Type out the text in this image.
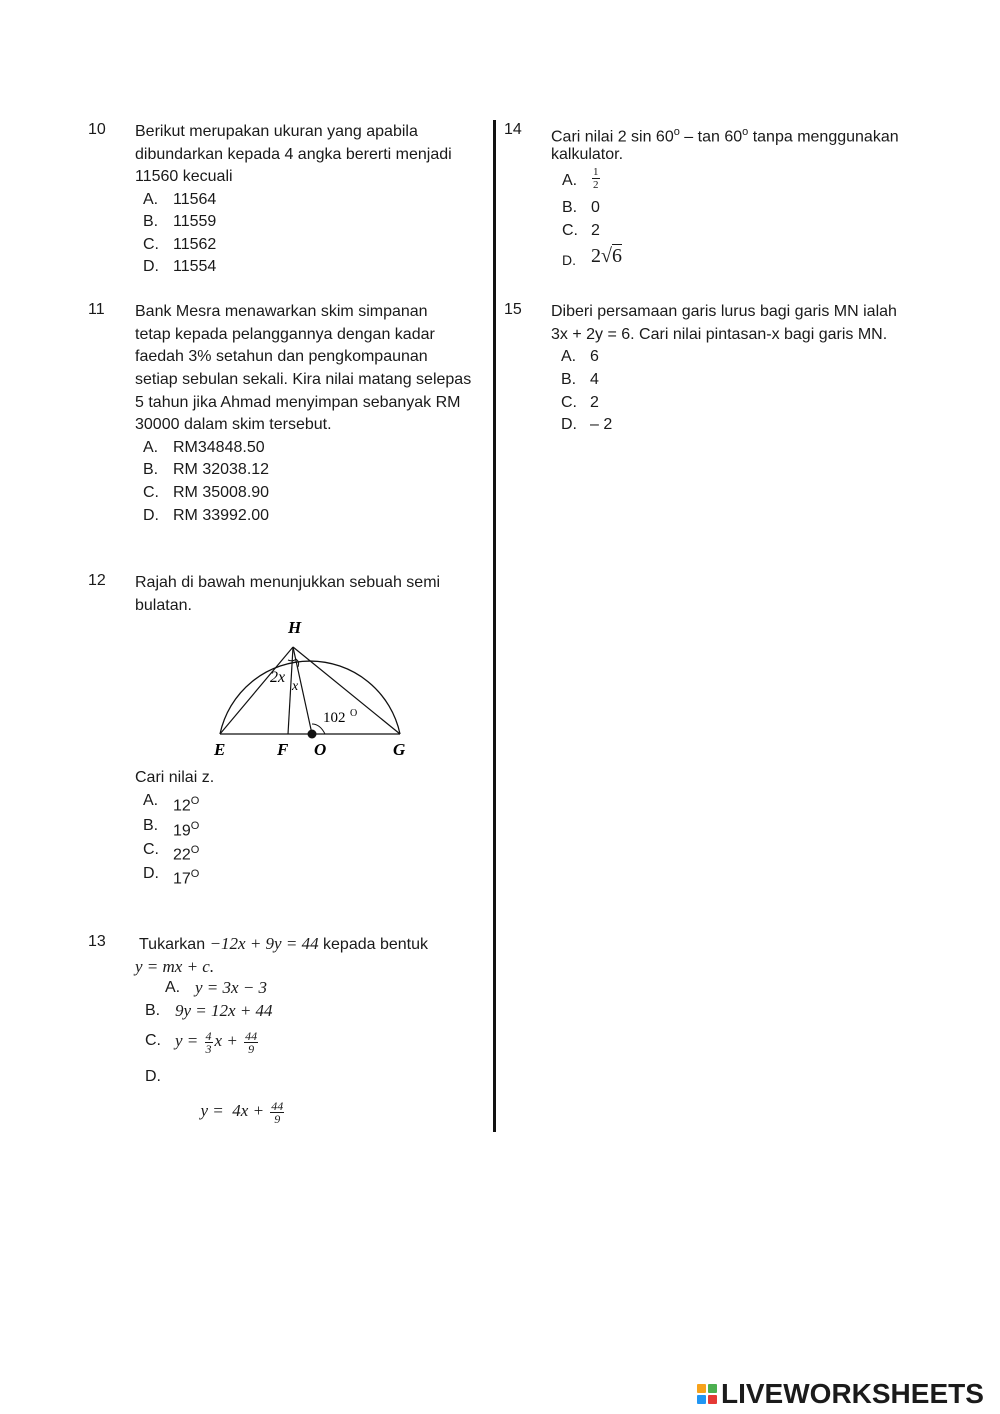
10 Berikut merupakan ukuran yang apabila
dibundarkan kepada 4 angka bererti menjadi
11560 kecuali
A. 11564
B. 11559
C. 11562
D. 11554
11 Bank Mesra menawarkan skim simpanan
tetap kepada pelanggannya dengan kadar
faedah 3% setahun dan pengkompaunan
setiap sebulan sekali. Kira nilai matang selepas
5 tahun jika Ahmad menyimpan sebanyak RM
30000 dalam skim tersebut.
A. RM34848.50
B. RM 32038.12
C. RM 35008.90
D. RM 33992.00
12 Rajah di bawah menunjukkan sebuah semi
bulatan.
H
2x
x
102 O
E	F O	G
Cari nilai z.
A. $12^O$
B. $19^O$
C. $22^O$
D. $17^O$
13 Tukarkan −12x + 9y = 44 kepada bentuk
y = mx + c.
A. y = 3x − 3
B. 9y = 12x + 44
C. $y = \frac{4}{3}$ $x + \frac{44}{9}$
D.

$y = 4x + \frac{44}{9}$

14 Cari nilai 2 sin 60$^o$ – tan 60$^o$ tanpa menggunakan
kalkulator.
A. $\frac{1}{2}$
B. 0
C. 2
D. 2√6
15 Diberi persamaan garis lurus bagi garis MN ialah
3x + 2y = 6. Cari nilai pintasan-x bagi garis MN.
A. 6
B. 4
C. 2
D. – 2
LIVEWORKSHEETS
